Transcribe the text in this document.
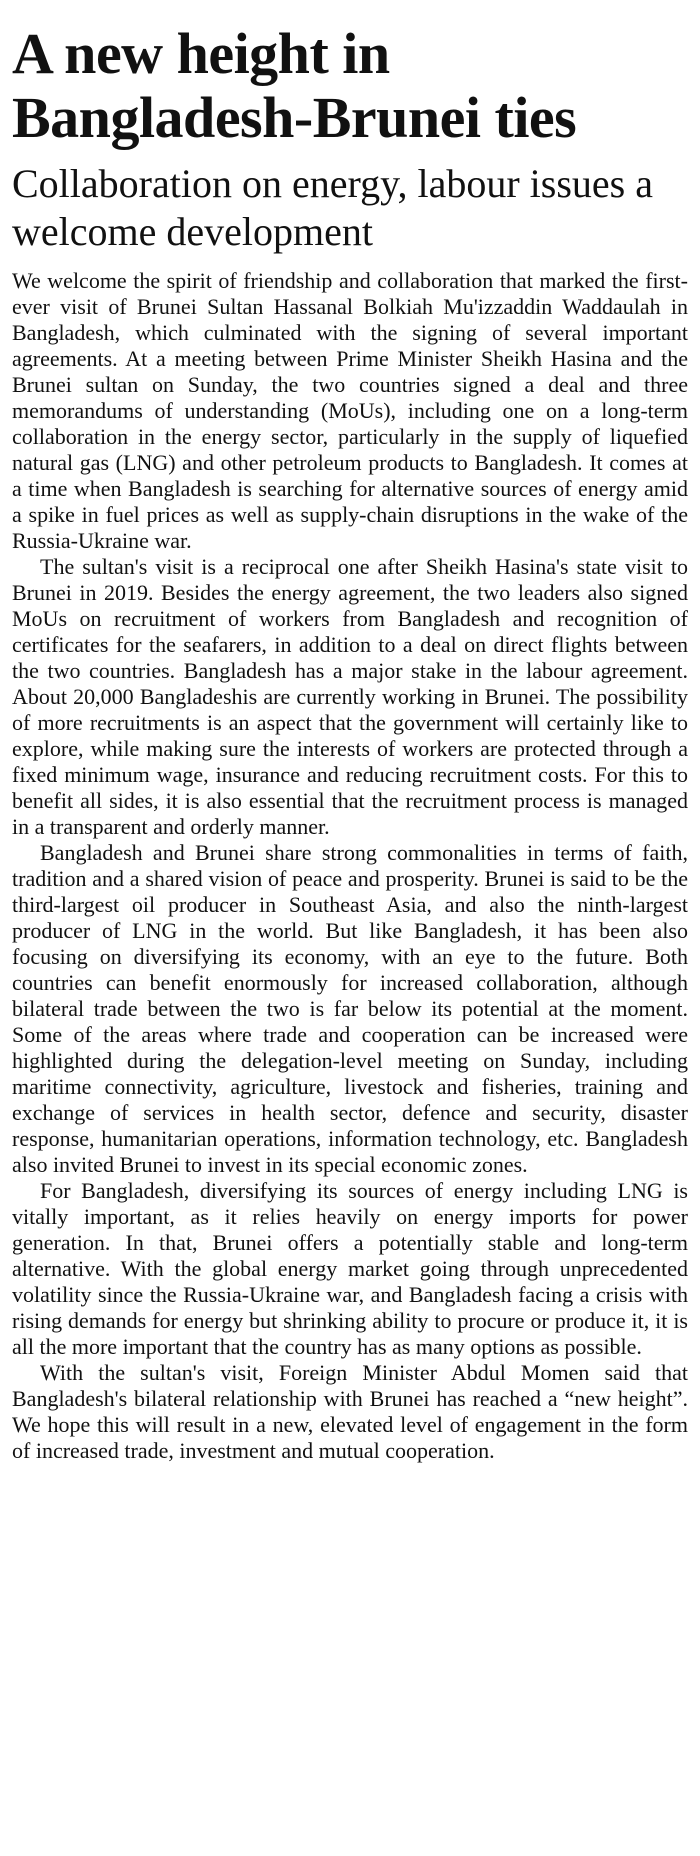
A new height in
Bangladesh-Brunei ties
Collaboration on energy, labour issues a welcome development

We welcome the spirit of friendship and collaboration that marked the first-ever visit of Brunei Sultan Hassanal Bolkiah Mu'izzaddin Waddaulah in Bangladesh, which culminated with the signing of several important agreements. At a meeting between Prime Minister Sheikh Hasina and the Brunei sultan on Sunday, the two countries signed a deal and three memorandums of understanding (MoUs), including one on a long-term collaboration in the energy sector, particularly in the supply of liquefied natural gas (LNG) and other petroleum products to Bangladesh. It comes at a time when Bangladesh is searching for alternative sources of energy amid a spike in fuel prices as well as supply-chain disruptions in the wake of the Russia-Ukraine war.

The sultan's visit is a reciprocal one after Sheikh Hasina's state visit to Brunei in 2019. Besides the energy agreement, the two leaders also signed MoUs on recruitment of workers from Bangladesh and recognition of certificates for the seafarers, in addition to a deal on direct flights between the two countries. Bangladesh has a major stake in the labour agreement. About 20,000 Bangladeshis are currently working in Brunei. The possibility of more recruitments is an aspect that the government will certainly like to explore, while making sure the interests of workers are protected through a fixed minimum wage, insurance and reducing recruitment costs. For this to benefit all sides, it is also essential that the recruitment process is managed in a transparent and orderly manner.

Bangladesh and Brunei share strong commonalities in terms of faith, tradition and a shared vision of peace and prosperity. Brunei is said to be the third-largest oil producer in Southeast Asia, and also the ninth-largest producer of LNG in the world. But like Bangladesh, it has been also focusing on diversifying its economy, with an eye to the future. Both countries can benefit enormously for increased collaboration, although bilateral trade between the two is far below its potential at the moment. Some of the areas where trade and cooperation can be increased were highlighted during the delegation-level meeting on Sunday, including maritime connectivity, agriculture, livestock and fisheries, training and exchange of services in health sector, defence and security, disaster response, humanitarian operations, information technology, etc. Bangladesh also invited Brunei to invest in its special economic zones.

For Bangladesh, diversifying its sources of energy including LNG is vitally important, as it relies heavily on energy imports for power generation. In that, Brunei offers a potentially stable and long-term alternative. With the global energy market going through unprecedented volatility since the Russia-Ukraine war, and Bangladesh facing a crisis with rising demands for energy but shrinking ability to procure or produce it, it is all the more important that the country has as many options as possible.

With the sultan's visit, Foreign Minister Abdul Momen said that Bangladesh's bilateral relationship with Brunei has reached a “new height”. We hope this will result in a new, elevated level of engagement in the form of increased trade, investment and mutual cooperation.
